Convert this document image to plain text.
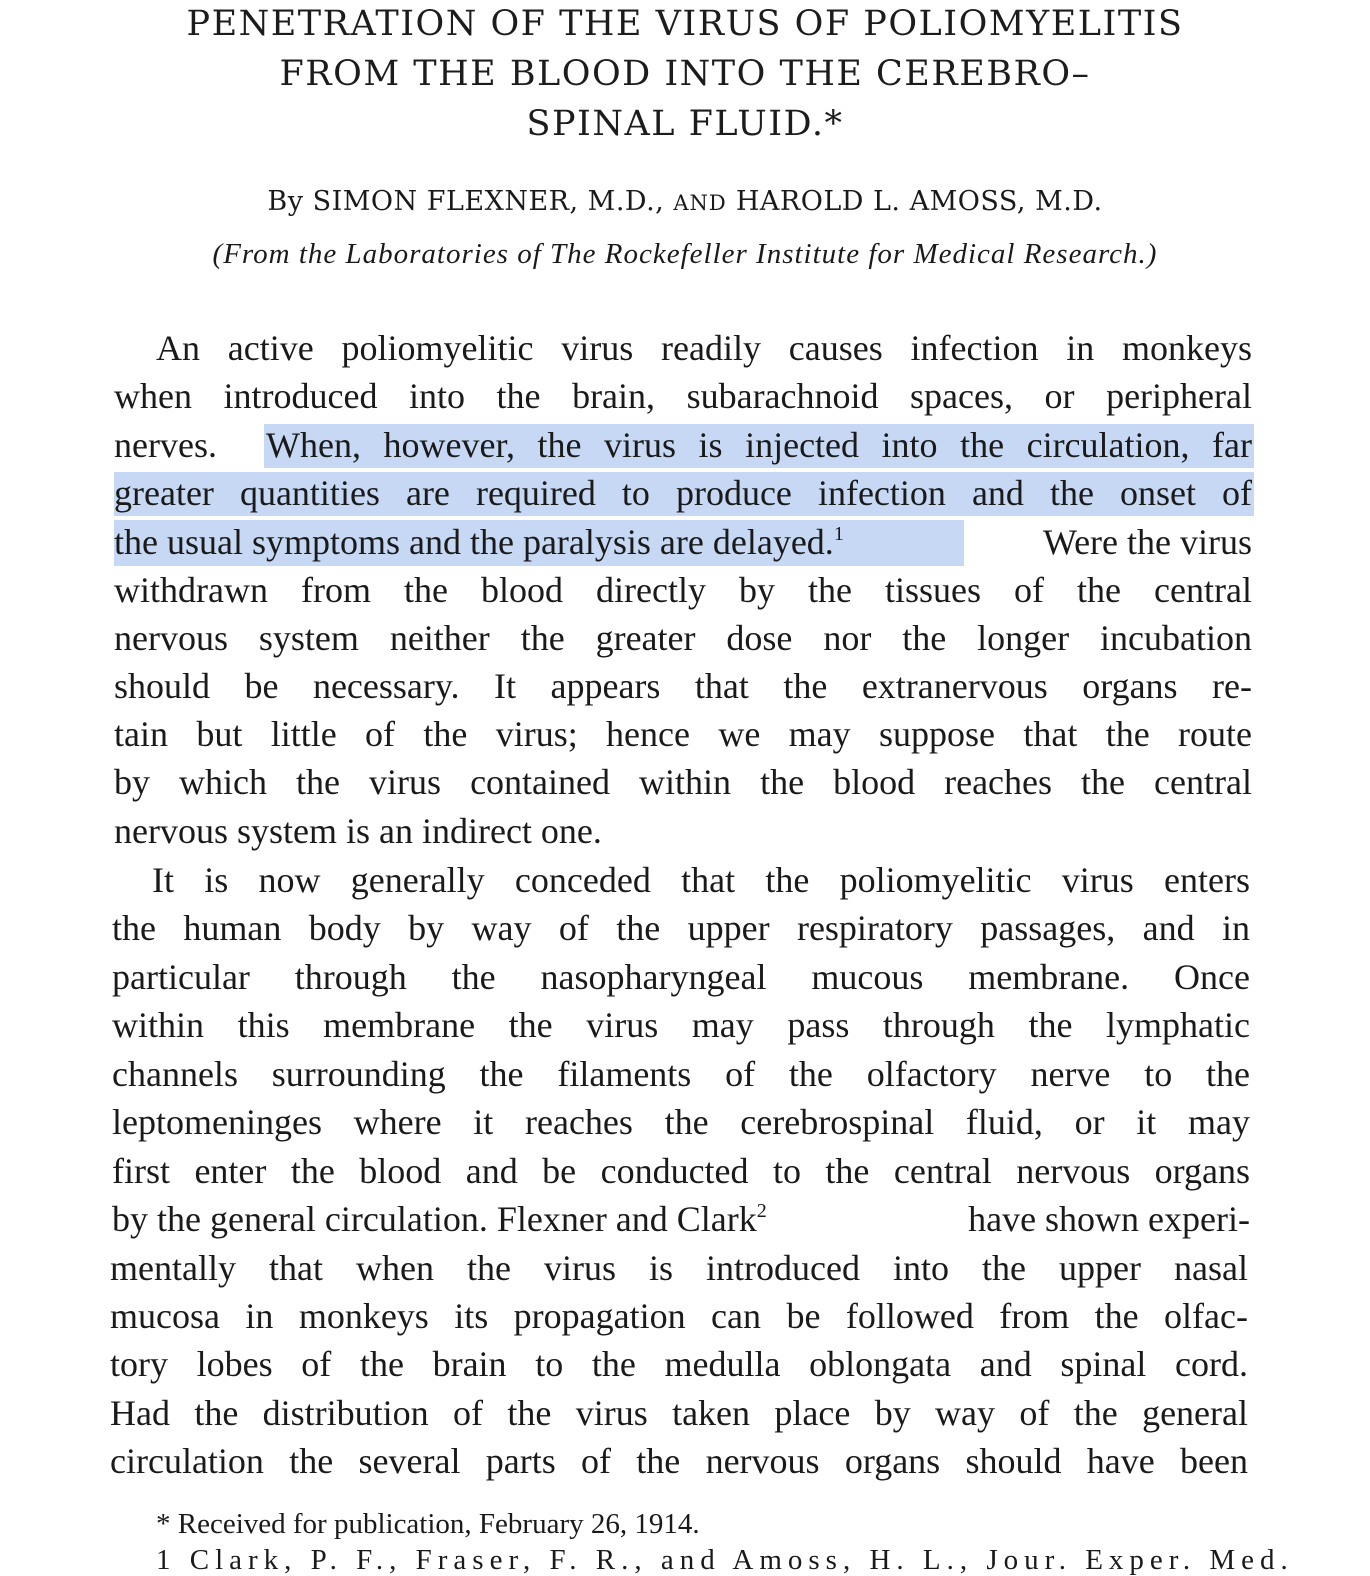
PENETRATION OF THE VIRUS OF POLIOMYELITIS
FROM THE BLOOD INTO THE CEREBRO–
SPINAL FLUID.*
By SIMON FLEXNER, M.D., AND HAROLD L. AMOSS, M.D.
(From the Laboratories of The Rockefeller Institute for Medical Research.)
An active poliomyelitic virus readily causes infection in monkeys
when introduced into the brain, subarachnoid spaces, or peripheral
nerves. When, however, the virus is injected into the circulation, far
greater quantities are required to produce infection and the onset of
the usual symptoms and the paralysis are delayed.$^1$	Were the virus
withdrawn from the blood directly by the tissues of the central
nervous system neither the greater dose nor the longer incubation
should be necessary. It appears that the extranervous organs re-
tain but little of the virus; hence we may suppose that the route
by which the virus contained within the blood reaches the central
nervous system is an indirect one.
It is now generally conceded that the poliomyelitic virus enters
the human body by way of the upper respiratory passages, and in
particular through the nasopharyngeal mucous membrane. Once
within this membrane the virus may pass through the lymphatic
channels surrounding the filaments of the olfactory nerve to the
leptomeninges where it reaches the cerebrospinal fluid, or it may
first enter the blood and be conducted to the central nervous organs
by the general circulation. Flexner and Clark$^2$	have shown experi-
mentally that when the virus is introduced into the upper nasal
mucosa in monkeys its propagation can be followed from the olfac-
tory lobes of the brain to the medulla oblongata and spinal cord.
Had the distribution of the virus taken place by way of the general
circulation the several parts of the nervous organs should have been
* Received for publication, February 26, 1914.
1 Clark, P. F., Fraser, F. R., and Amoss, H. L., Jour. Exper. Med.
